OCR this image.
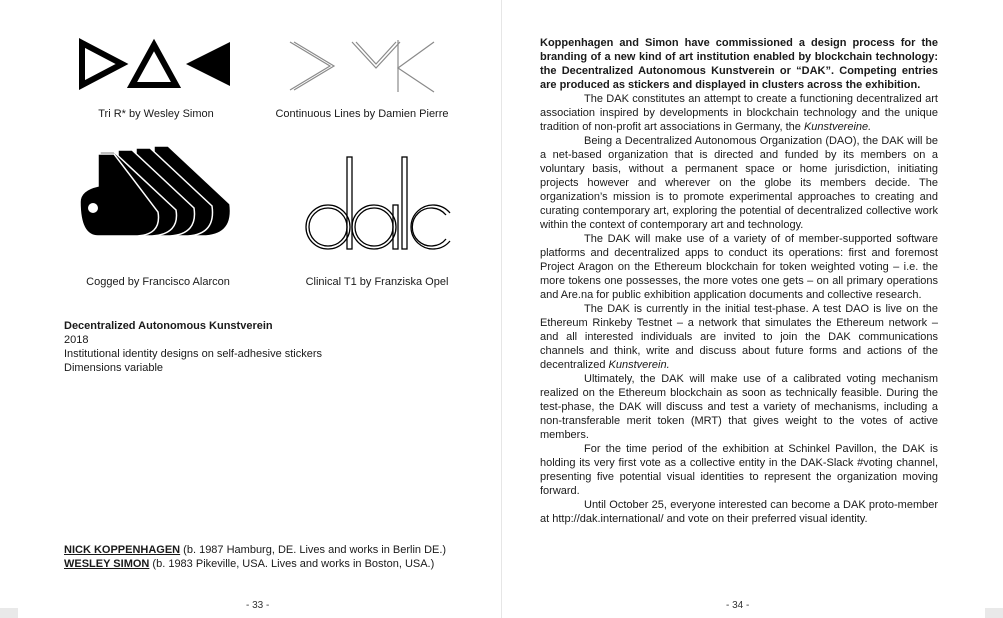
Tri R* by Wesley Simon	Continuous Lines by Damien Pierre
Cogged by Francisco Alarcon	Clinical T1 by Franziska Opel
Decentralized Autonomous Kunstverein
2018
Institutional identity designs on self-adhesive stickers
Dimensions variable
NICK KOPPENHAGEN (b. 1987 Hamburg, DE. Lives and works in Berlin DE.)
WESLEY SIMON (b. 1983 Pikeville, USA. Lives and works in Boston, USA.)
- 33 -

Koppenhagen and Simon have commissioned a design process for the branding of a new kind of art institution enabled by blockchain technology: the Decentralized Autonomous Kunstverein or “DAK”. Competing entries are produced as stickers and displayed in clusters across the exhibition.

The DAK constitutes an attempt to create a functioning decentralized art association inspired by developments in blockchain technology and the unique tradition of non-profit art associations in Germany, the Kunstvereine.

Being a Decentralized Autonomous Organization (DAO), the DAK will be a net-based organization that is directed and funded by its members on a voluntary basis, without a permanent space or home jurisdiction, initiating projects however and wherever on the globe its members decide. The organization’s mission is to promote experimental approaches to creating and curating contemporary art, exploring the potential of decentralized collective work within the context of contemporary art and technology.

The DAK will make use of a variety of of member-supported software platforms and decentralized apps to conduct its operations: first and foremost Project Aragon on the Ethereum blockchain for token weighted voting – i.e. the more tokens one possesses, the more votes one gets – on all primary operations and Are.na for public exhibition application documents and collective research.

The DAK is currently in the initial test-phase. A test DAO is live on the Ethereum Rinkeby Testnet – a network that simulates the Ethereum network – and all interested individuals are invited to join the DAK communications channels and think, write and discuss about future forms and actions of the decentralized Kunstverein.

Ultimately, the DAK will make use of a calibrated voting mechanism realized on the Ethereum blockchain as soon as technically feasible. During the test-phase, the DAK will discuss and test a variety of mechanisms, including a non-transferable merit token (MRT) that gives weight to the votes of active members.

For the time period of the exhibition at Schinkel Pavillon, the DAK is holding its very first vote as a collective entity in the DAK-Slack #voting channel, presenting five potential visual identities to represent the organization moving forward.

Until October 25, everyone interested can become a DAK proto-member at http://dak.international/ and vote on their preferred visual identity.

- 34 -
